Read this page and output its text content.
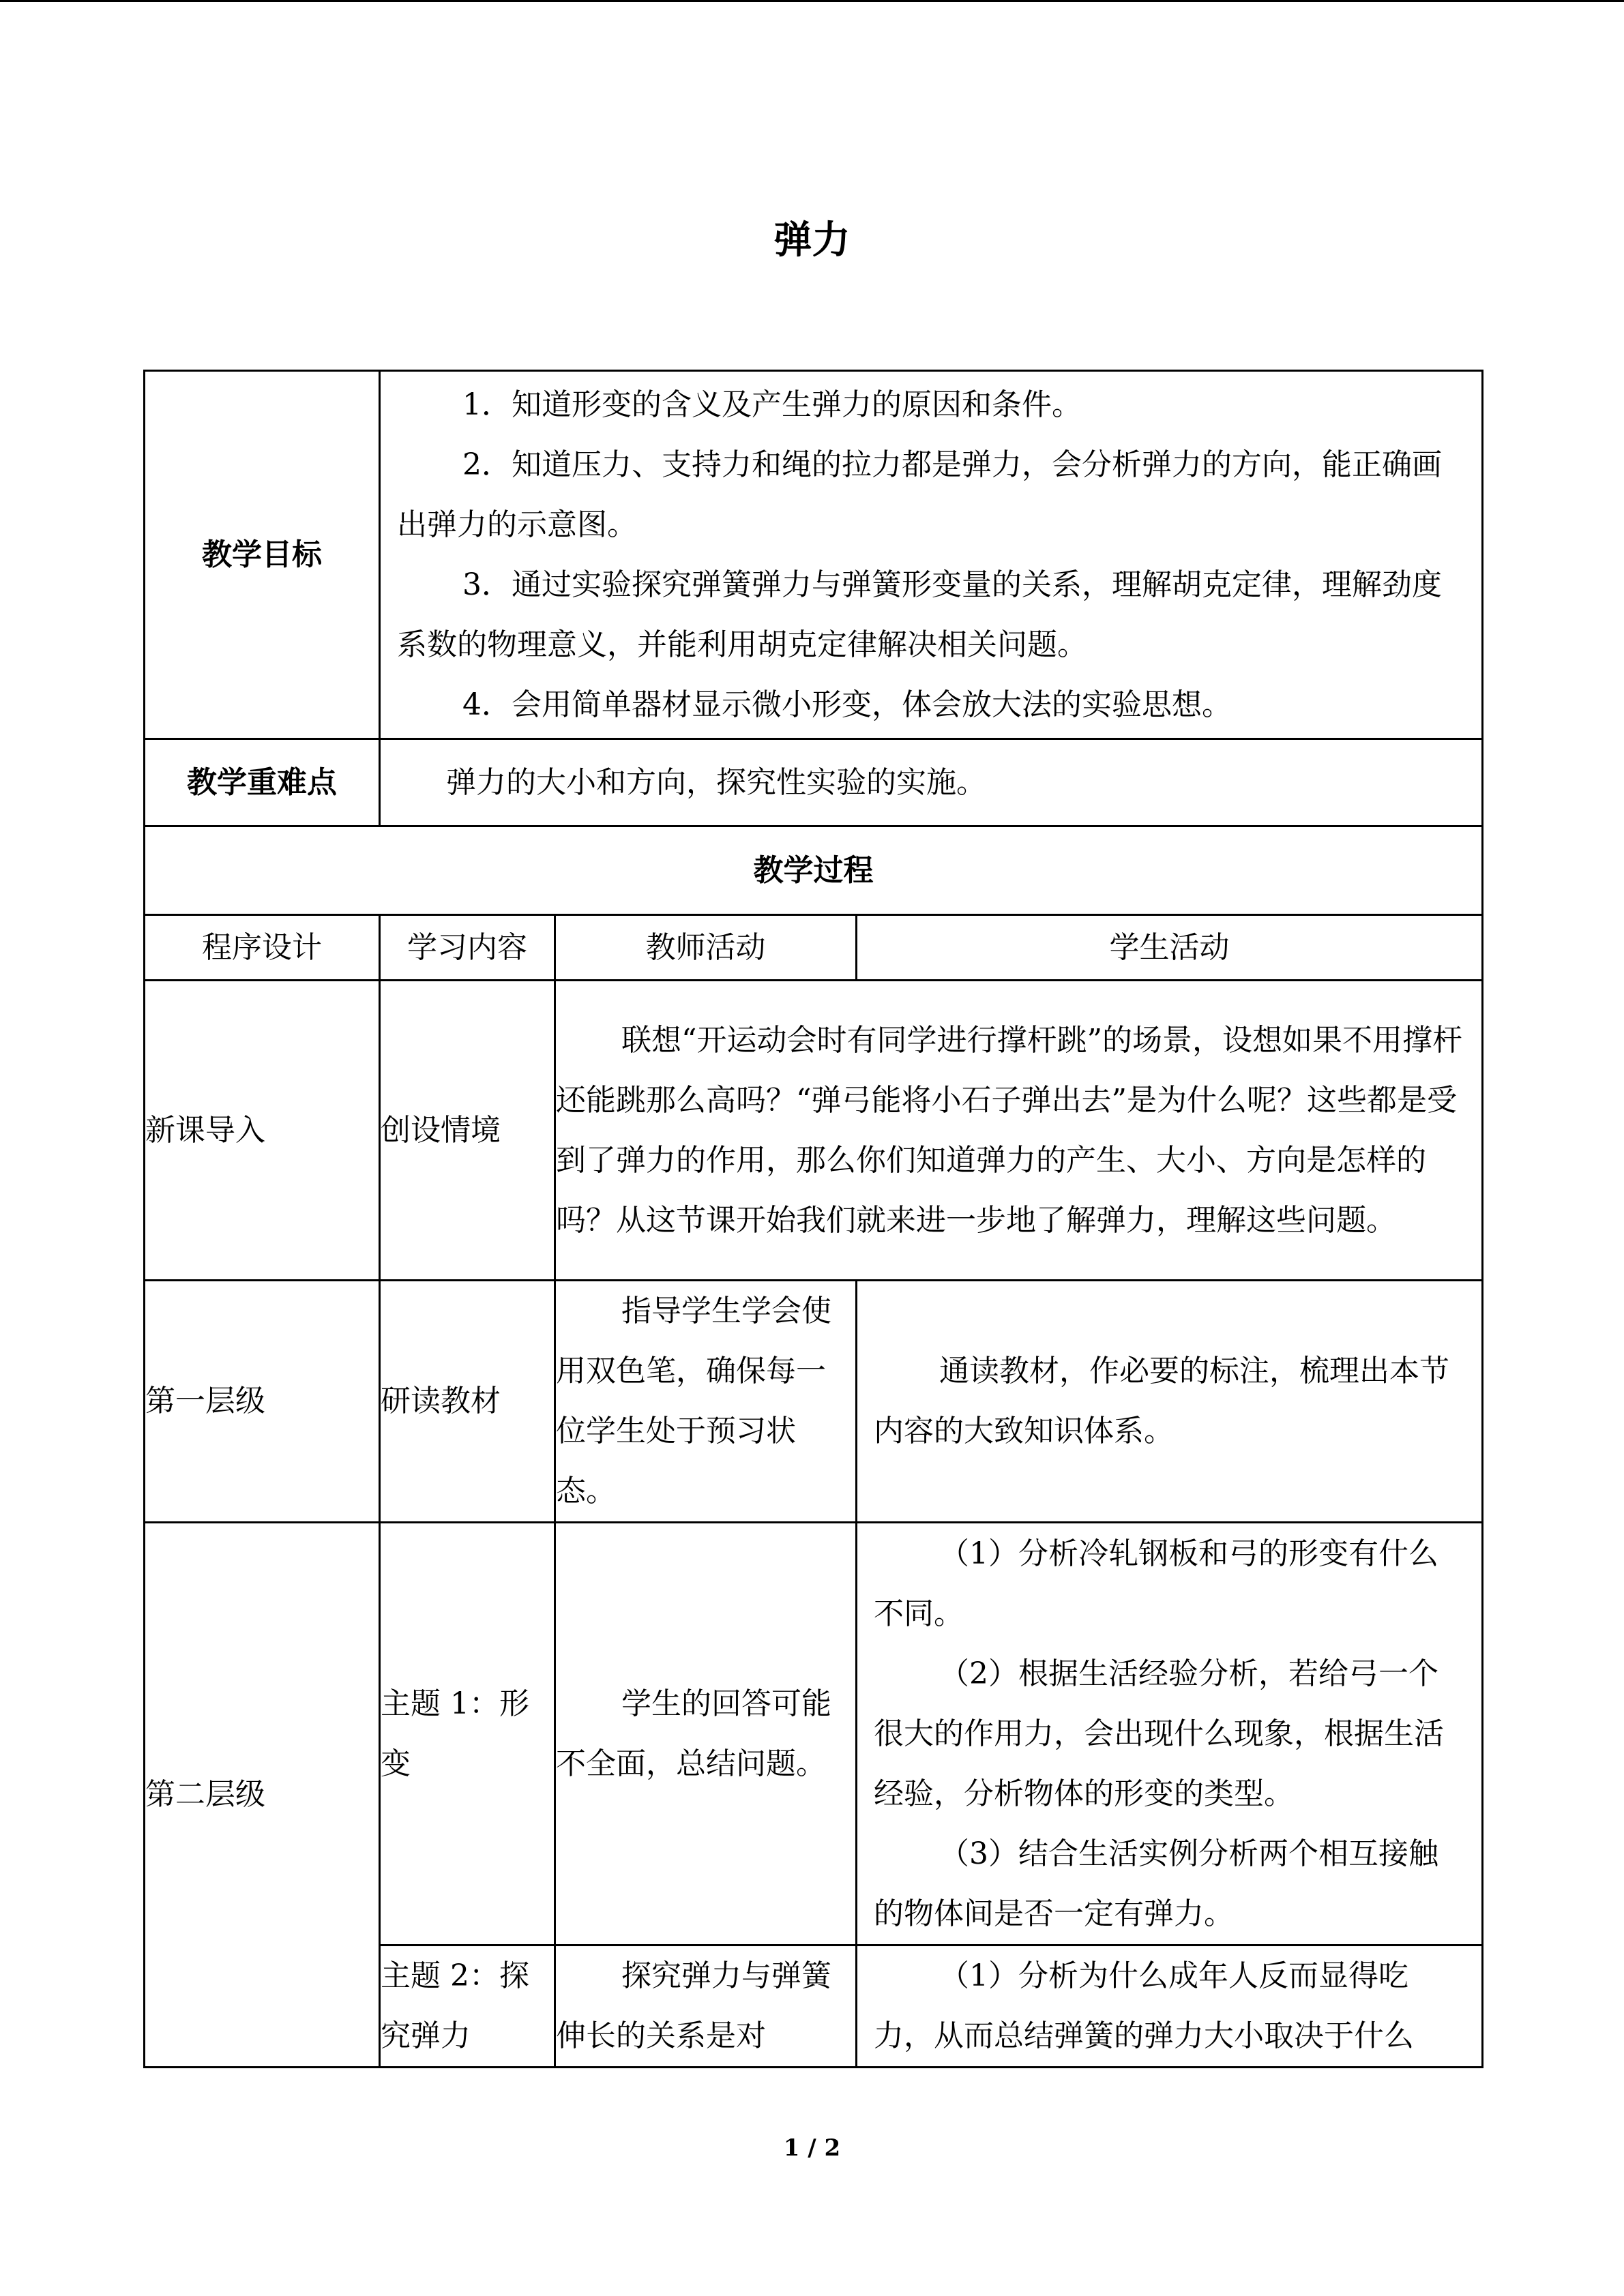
弹力
教学目标	1．知道形变的含义及产生弹力的原因和条件。
2．知道压力、支持力和绳的拉力都是弹力，会分析弹力的方向，能正确画出弹力的示意图。
3．通过实验探究弹簧弹力与弹簧形变量的关系，理解胡克定律，理解劲度系数的物理意义，并能利用胡克定律解决相关问题。
4．会用简单器材显示微小形变，体会放大法的实验思想。		

教学重难点	弹力的大小和方向，探究性实验的实施。		
教学过程			
程序设计	学习内容	教师活动	学生活动
新课导入	创设情境	联想“开运动会时有同学进行撑杆跳”的场景，设想如果不用撑杆还能跳那么高吗？“弹弓能将小石子弹出去”是为什么呢？这些都是受到了弹力的作用，那么你们知道弹力的产生、大小、方向是怎样的吗？从这节课开始我们就来进一步地了解弹力，理解这些问题。	
第一层级	研读教材	指导学生学会使用双色笔，确保每一位学生处于预习状态。	通读教材，作必要的标注，梳理出本节内容的大致知识体系。

第二层级	主题 1：形变	学生的回答可能不全面，总结问题。	（1）分析冷轧钢板和弓的形变有什么不同。
（2）根据生活经验分析，若给弓一个很大的作用力，会出现什么现象，根据生活经验，分析物体的形变的类型。
（3）结合生活实例分析两个相互接触的物体间是否一定有弹力。

	主题 2：探究弹力	探究弹力与弹簧伸长的关系是对	（1）分析为什么成年人反而显得吃力，从而总结弹簧的弹力大小取决于什么
1 / 2
